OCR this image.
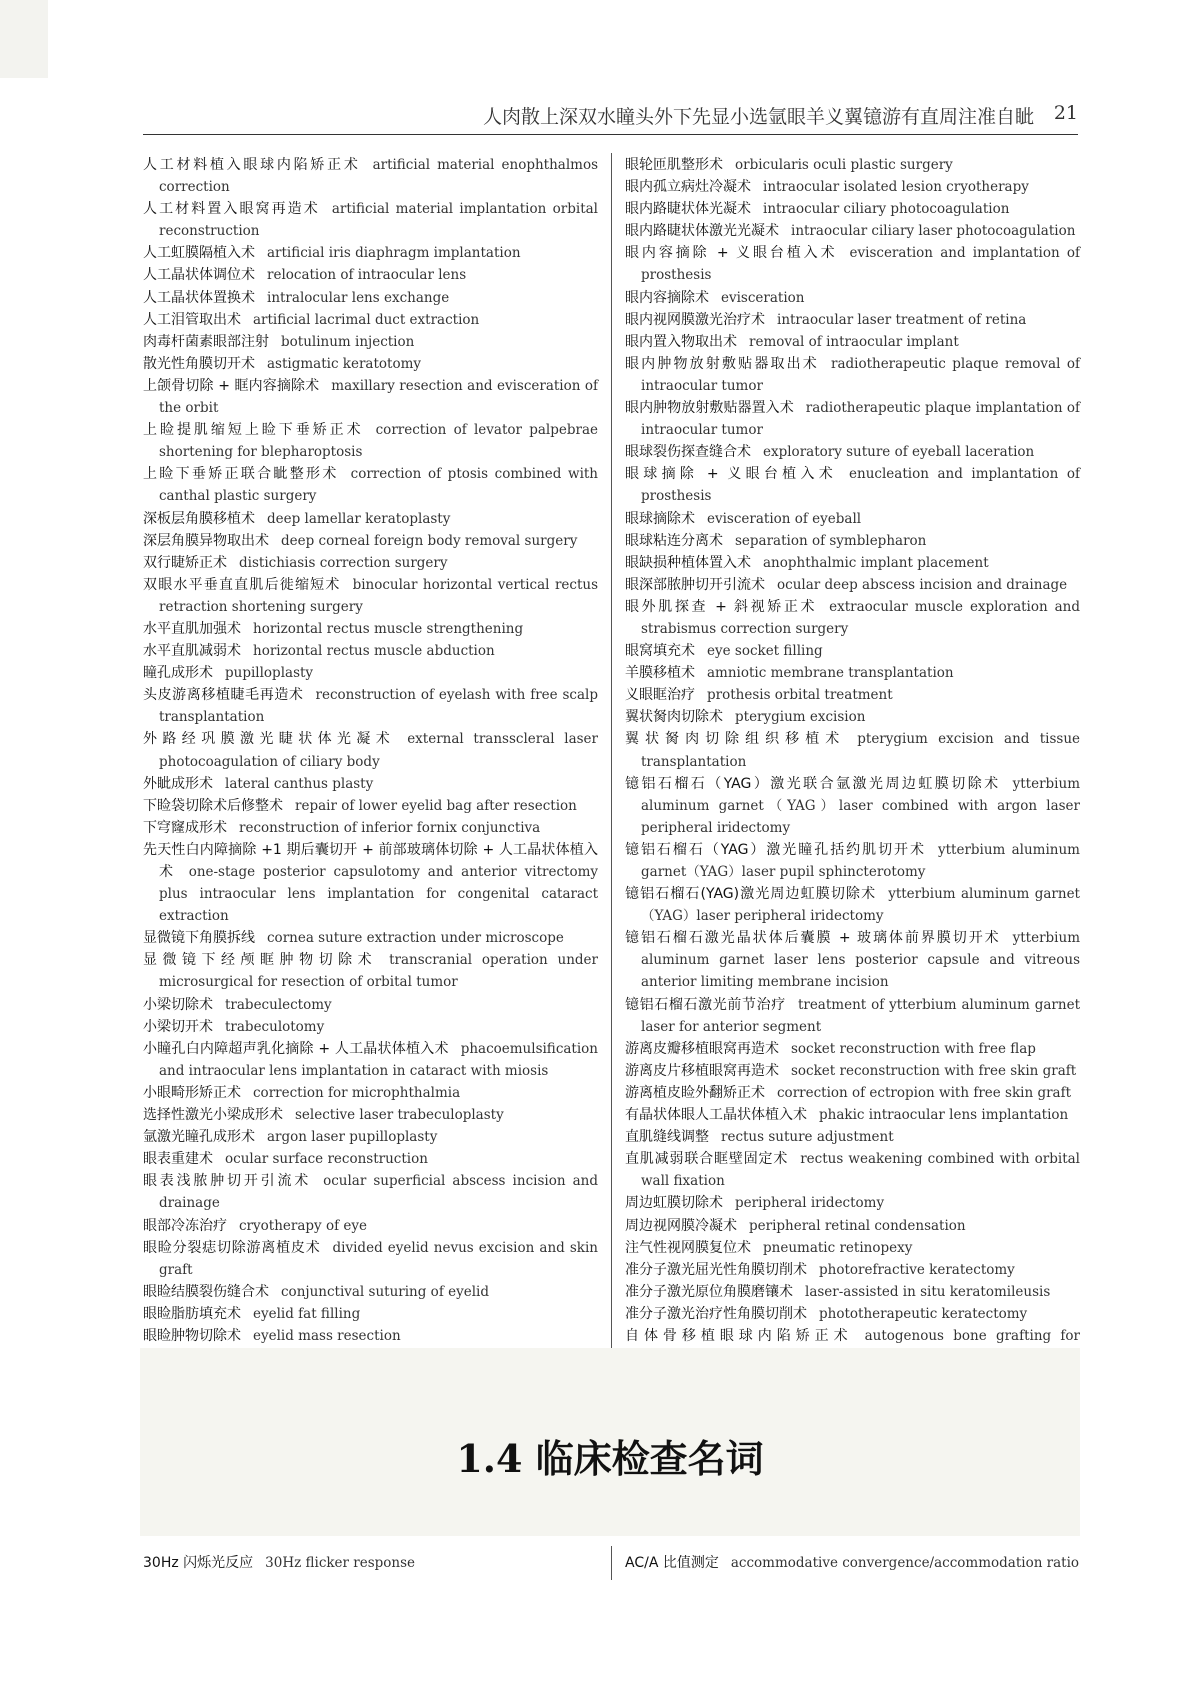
人肉散上深双水瞳头外下先显小选氩眼羊义翼镱游有直周注准自眦 21
人工材料植入眼球内陷矫正术 artificial material enophthalmos correction
人工材料置入眼窝再造术 artificial material implantation orbital reconstruction
人工虹膜隔植入术 artificial iris diaphragm implantation
人工晶状体调位术 relocation of intraocular lens
人工晶状体置换术 intralocular lens exchange
人工泪管取出术 artificial lacrimal duct extraction
肉毒杆菌素眼部注射 botulinum injection
散光性角膜切开术 astigmatic keratotomy
上颌骨切除 + 眶内容摘除术 maxillary resection and evisceration of the orbit
上睑提肌缩短上睑下垂矫正术 correction of levator palpebrae shortening for blepharoptosis
上睑下垂矫正联合眦整形术 correction of ptosis combined with canthal plastic surgery
深板层角膜移植术 deep lamellar keratoplasty
深层角膜异物取出术 deep corneal foreign body removal surgery
双行睫矫正术 distichiasis correction surgery
双眼水平垂直直肌后徙缩短术 binocular horizontal vertical rectus retraction shortening surgery
水平直肌加强术 horizontal rectus muscle strengthening
水平直肌减弱术 horizontal rectus muscle abduction
瞳孔成形术 pupilloplasty
头皮游离移植睫毛再造术 reconstruction of eyelash with free scalp transplantation
外路经巩膜激光睫状体光凝术 external transscleral laser photocoagulation of ciliary body
外眦成形术 lateral canthus plasty
下睑袋切除术后修整术 repair of lower eyelid bag after resection
下穹窿成形术 reconstruction of inferior fornix conjunctiva
先天性白内障摘除 +1 期后囊切开 + 前部玻璃体切除 + 人工晶状体植入术 one-stage posterior capsulotomy and anterior vitrectomy plus intraocular lens implantation for congenital cataract extraction
显微镜下角膜拆线 cornea suture extraction under microscope
显微镜下经颅眶肿物切除术 transcranial operation under microsurgical for resection of orbital tumor
小梁切除术 trabeculectomy
小梁切开术 trabeculotomy
小瞳孔白内障超声乳化摘除 + 人工晶状体植入术 phacoemulsification and intraocular lens implantation in cataract with miosis
小眼畸形矫正术 correction for microphthalmia
选择性激光小梁成形术 selective laser trabeculoplasty
氩激光瞳孔成形术 argon laser pupilloplasty
眼表重建术 ocular surface reconstruction
眼表浅脓肿切开引流术 ocular superficial abscess incision and drainage
眼部冷冻治疗 cryotherapy of eye
眼睑分裂痣切除游离植皮术 divided eyelid nevus excision and skin graft
眼睑结膜裂伤缝合术 conjunctival suturing of eyelid
眼睑脂肪填充术 eyelid fat filling
眼睑肿物切除术 eyelid mass resection
眼轮匝肌整形术 orbicularis oculi plastic surgery
眼内孤立病灶冷凝术 intraocular isolated lesion cryotherapy
眼内路睫状体光凝术 intraocular ciliary photocoagulation
眼内路睫状体激光光凝术 intraocular ciliary laser photocoagulation
眼内容摘除 + 义眼台植入术 evisceration and implantation of prosthesis
眼内容摘除术 evisceration
眼内视网膜激光治疗术 intraocular laser treatment of retina
眼内置入物取出术 removal of intraocular implant
眼内肿物放射敷贴器取出术 radiotherapeutic plaque removal of intraocular tumor
眼内肿物放射敷贴器置入术 radiotherapeutic plaque implantation of intraocular tumor
眼球裂伤探查缝合术 exploratory suture of eyeball laceration
眼球摘除 + 义眼台植入术 enucleation and implantation of prosthesis
眼球摘除术 evisceration of eyeball
眼球粘连分离术 separation of symblepharon
眼缺损种植体置入术 anophthalmic implant placement
眼深部脓肿切开引流术 ocular deep abscess incision and drainage
眼外肌探查 + 斜视矫正术 extraocular muscle exploration and strabismus correction surgery
眼窝填充术 eye socket filling
羊膜移植术 amniotic membrane transplantation
义眼眶治疗 prothesis orbital treatment
翼状胬肉切除术 pterygium excision
翼状胬肉切除组织移植术 pterygium excision and tissue transplantation
镱铝石榴石（YAG）激光联合氩激光周边虹膜切除术 ytterbium aluminum garnet（YAG）laser combined with argon laser peripheral iridectomy
镱铝石榴石（YAG）激光瞳孔括约肌切开术 ytterbium aluminum garnet（YAG）laser pupil sphincterotomy
镱铝石榴石(YAG)激光周边虹膜切除术 ytterbium aluminum garnet（YAG）laser peripheral iridectomy
镱铝石榴石激光晶状体后囊膜 + 玻璃体前界膜切开术 ytterbium aluminum garnet laser lens posterior capsule and vitreous anterior limiting membrane incision
镱铝石榴石激光前节治疗 treatment of ytterbium aluminum garnet laser for anterior segment
游离皮瓣移植眼窝再造术 socket reconstruction with free flap
游离皮片移植眼窝再造术 socket reconstruction with free skin graft
游离植皮睑外翻矫正术 correction of ectropion with free skin graft
有晶状体眼人工晶状体植入术 phakic intraocular lens implantation
直肌缝线调整 rectus suture adjustment
直肌减弱联合眶壁固定术 rectus weakening combined with orbital wall fixation
周边虹膜切除术 peripheral iridectomy
周边视网膜冷凝术 peripheral retinal condensation
注气性视网膜复位术 pneumatic retinopexy
准分子激光屈光性角膜切削术 photorefractive keratectomy
准分子激光原位角膜磨镶术 laser-assisted in situ keratomileusis
准分子激光治疗性角膜切削术 phototherapeutic keratectomy
自体骨移植眼球内陷矫正术 autogenous bone grafting for
1.4 临床检查名词
30Hz 闪烁光反应 30Hz flicker response	AC/A 比值测定 accommodative convergence/accommodation ratio
